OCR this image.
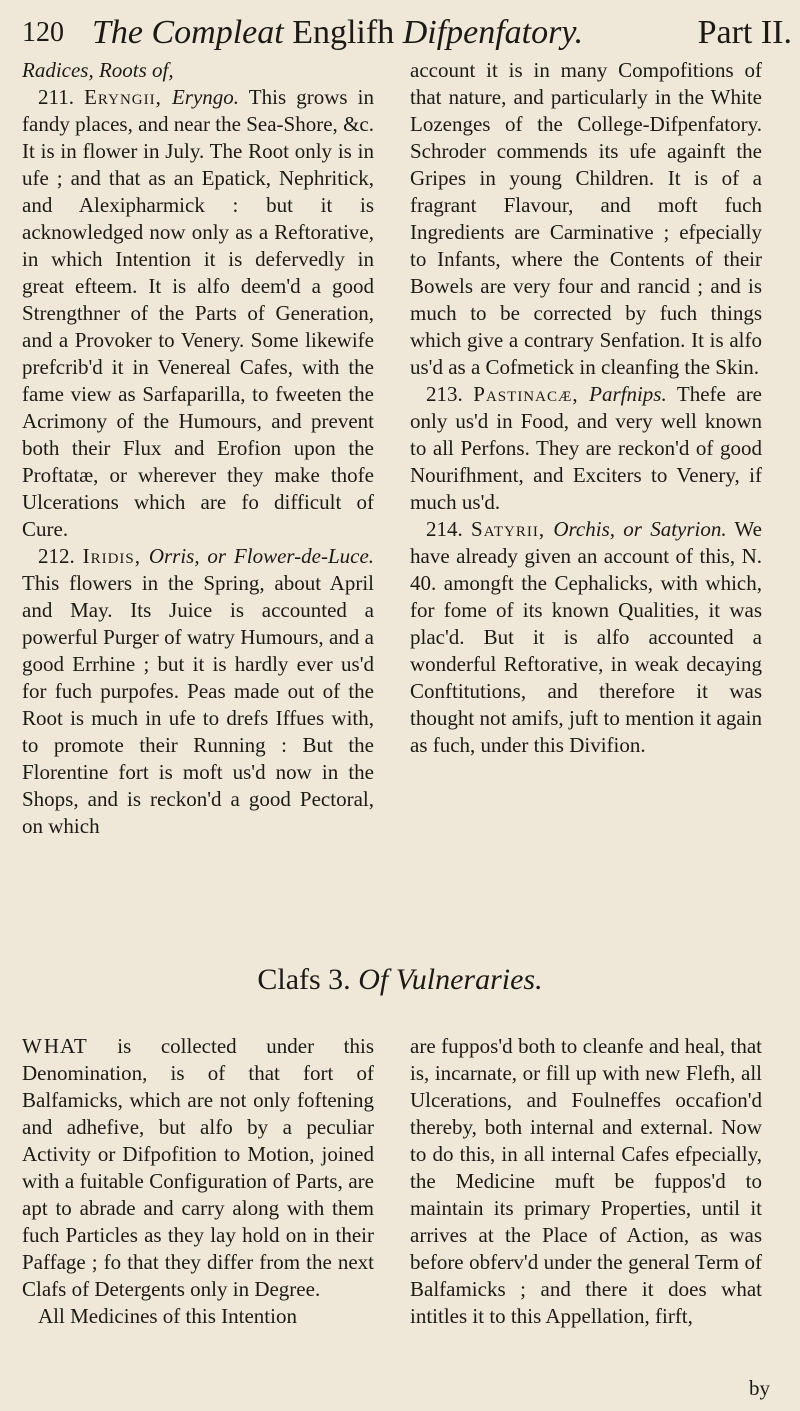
120 The Compleat Englifh Difpenfatory.	Part II.

Radices, Roots of,

211. Eryngii, Eryngo. This grows in fandy places, and near the Sea-Shore, &c. It is in flower in July. The Root only is in ufe ; and that as an Epatick, Nephritick, and Alexipharmick : but it is acknowledged now only as a Reftorative, in which Intention it is defervedly in great efteem. It is alfo deem'd a good Strengthner of the Parts of Generation, and a Provoker to Venery. Some likewife prefcrib'd it in Venereal Cafes, with the fame view as Sarfaparilla, to fweeten the Acrimony of the Humours, and prevent both their Flux and Erofion upon the Proftatæ, or wherever they make thofe Ulcerations which are fo difficult of Cure.

212. Iridis, Orris, or Flower-de-Luce. This flowers in the Spring, about April and May. Its Juice is accounted a powerful Purger of watry Humours, and a good Errhine ; but it is hardly ever us'd for fuch purpofes. Peas made out of the Root is much in ufe to drefs Iffues with, to promote their Running : But the Florentine fort is moft us'd now in the Shops, and is reckon'd a good Pectoral, on which

account it is in many Compofitions of that nature, and particularly in the White Lozenges of the College-Difpenfatory. Schroder commends its ufe againft the Gripes in young Children. It is of a fragrant Flavour, and moft fuch Ingredients are Carminative ; efpecially to Infants, where the Contents of their Bowels are very four and rancid ; and is much to be corrected by fuch things which give a contrary Senfation. It is alfo us'd as a Cofmetick in cleanfing the Skin.

213. Pastinacæ, Parfnips. Thefe are only us'd in Food, and very well known to all Perfons. They are reckon'd of good Nourifhment, and Exciters to Venery, if much us'd.

214. Satyrii, Orchis, or Satyrion. We have already given an account of this, N. 40. amongft the Cephalicks, with which, for fome of its known Qualities, it was plac'd. But it is alfo accounted a wonderful Reftorative, in weak decaying Conftitutions, and therefore it was thought not amifs, juft to mention it again as fuch, under this Divifion.

Clafs 3. Of Vulneraries.

WHAT is collected under this Denomination, is of that fort of Balfamicks, which are not only foftening and adhefive, but alfo by a peculiar Activity or Difpofition to Motion, joined with a fuitable Configuration of Parts, are apt to abrade and carry along with them fuch Particles as they lay hold on in their Paffage ; fo that they differ from the next Clafs of Detergents only in Degree.

All Medicines of this Intention

are fuppos'd both to cleanfe and heal, that is, incarnate, or fill up with new Flefh, all Ulcerations, and Foulneffes occafion'd thereby, both internal and external. Now to do this, in all internal Cafes efpecially, the Medicine muft be fuppos'd to maintain its primary Properties, until it arrives at the Place of Action, as was before obferv'd under the general Term of Balfamicks ; and there it does what intitles it to this Appellation, firft,

by
